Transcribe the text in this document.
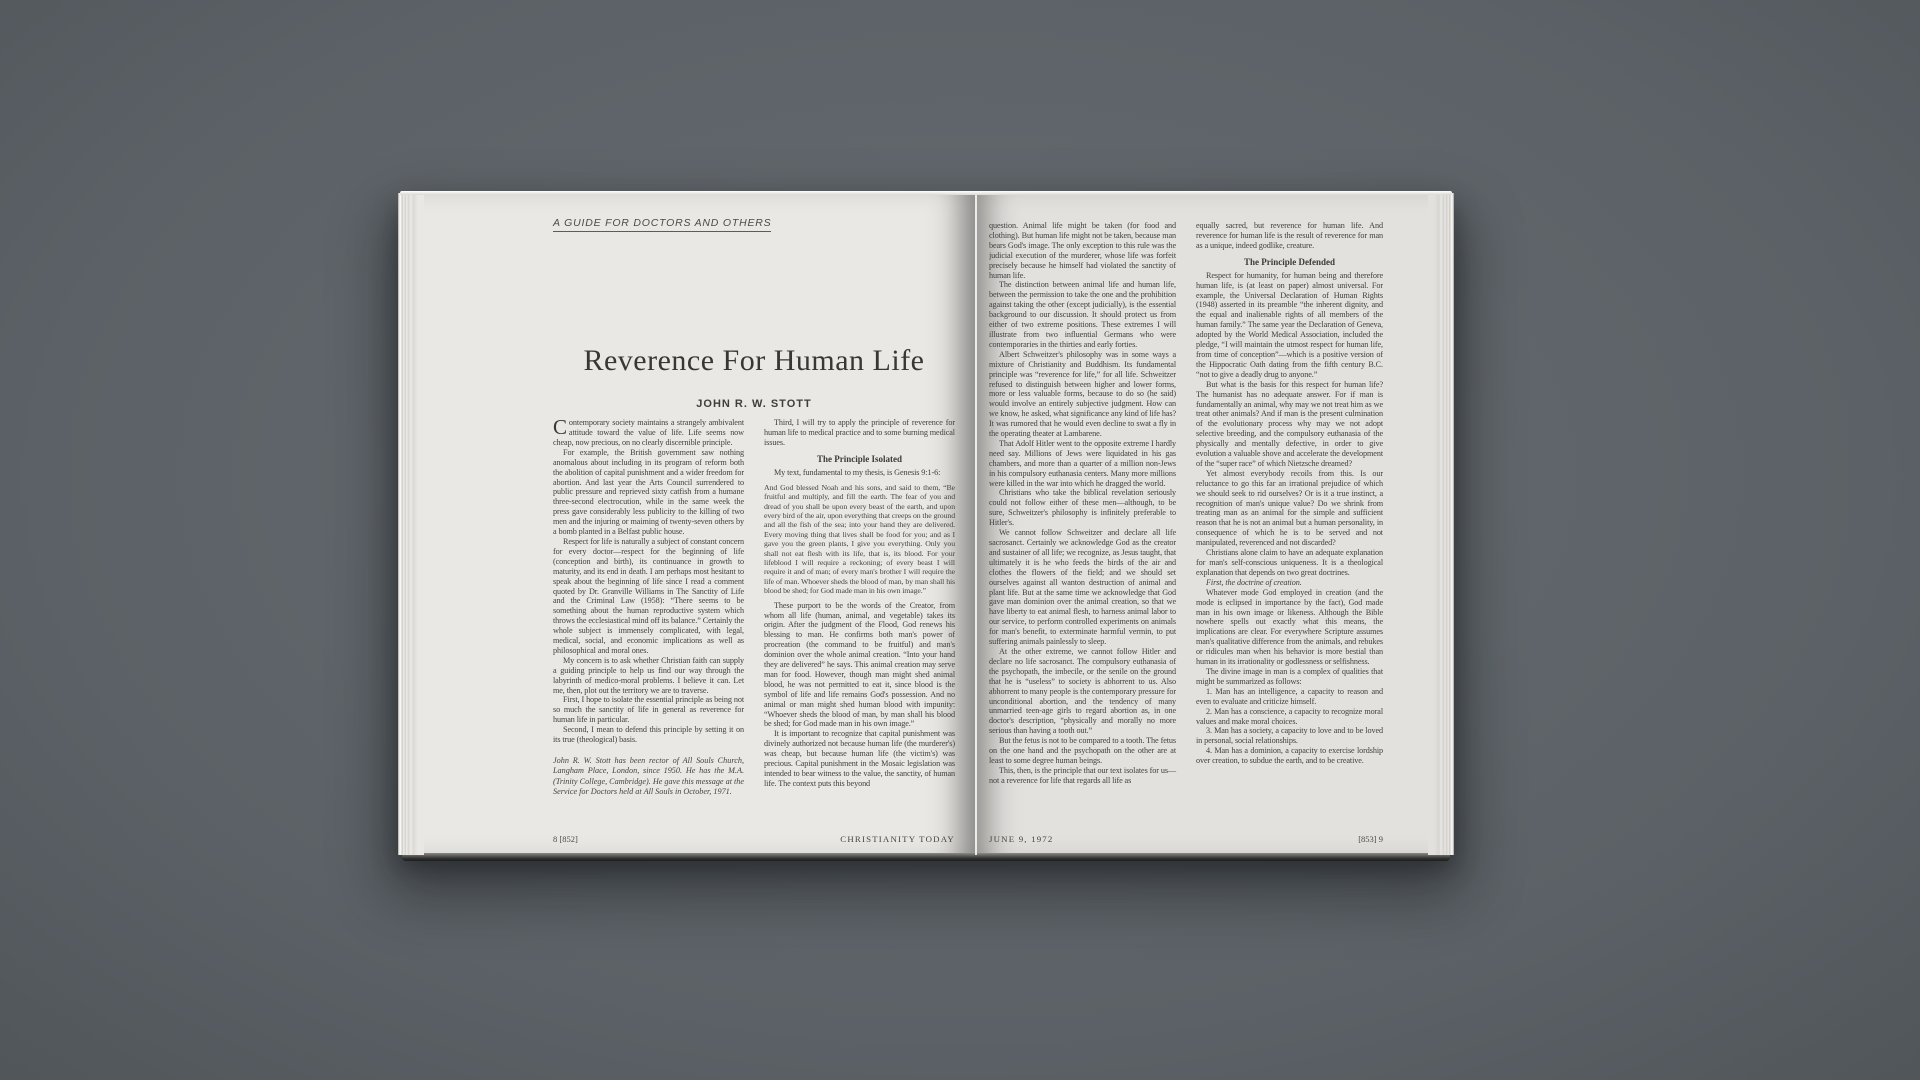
A GUIDE FOR DOCTORS AND OTHERS
Reverence For Human Life
JOHN R. W. STOTT

Contemporary society maintains a strangely ambivalent attitude toward the value of life. Life seems now cheap, now precious, on no clearly discernible principle.

For example, the British government saw nothing anomalous about including in its program of reform both the abolition of capital punishment and a wider freedom for abortion. And last year the Arts Council surrendered to public pressure and reprieved sixty catfish from a humane three-second electrocution, while in the same week the press gave considerably less publicity to the killing of two men and the injuring or maiming of twenty-seven others by a bomb planted in a Belfast public house.

Respect for life is naturally a subject of constant concern for every doctor—respect for the beginning of life (conception and birth), its continuance in growth to maturity, and its end in death. I am perhaps most hesitant to speak about the beginning of life since I read a comment quoted by Dr. Granville Williams in The Sanctity of Life and the Criminal Law (1958): “There seems to be something about the human reproductive system which throws the ecclesiastical mind off its balance.” Certainly the whole subject is immensely complicated, with legal, medical, social, and economic implications as well as philosophical and moral ones.

My concern is to ask whether Christian faith can supply a guiding principle to help us find our way through the labyrinth of medico-moral problems. I believe it can. Let me, then, plot out the territory we are to traverse.

First, I hope to isolate the essential principle as being not so much the sanctity of life in general as reverence for human life in particular.

Second, I mean to defend this principle by setting it on its true (theological) basis.

John R. W. Stott has been rector of All Souls Church, Langham Place, London, since 1950. He has the M.A. (Trinity College, Cambridge). He gave this message at the Service for Doctors held at All Souls in October, 1971.

Third, I will try to apply the principle of reverence for human life to medical practice and to some burning medical issues.

The Principle Isolated

My text, fundamental to my thesis, is Genesis 9:1-6:

And God blessed Noah and his sons, and said to them, “Be fruitful and multiply, and fill the earth. The fear of you and dread of you shall be upon every beast of the earth, and upon every bird of the air, upon everything that creeps on the ground and all the fish of the sea; into your hand they are delivered. Every moving thing that lives shall be food for you; and as I gave you the green plants, I give you everything. Only you shall not eat flesh with its life, that is, its blood. For your lifeblood I will require a reckoning; of every beast I will require it and of man; of every man's brother I will require the life of man. Whoever sheds the blood of man, by man shall his blood be shed; for God made man in his own image.”

These purport to be the words of the Creator, from whom all life (human, animal, and vegetable) takes its origin. After the judgment of the Flood, God renews his blessing to man. He confirms both man's power of procreation (the command to be fruitful) and man's dominion over the whole animal creation. “Into your hand they are delivered” he says. This animal creation may serve man for food. However, though man might shed animal blood, he was not permitted to eat it, since blood is the symbol of life and life remains God's possession. And no animal or man might shed human blood with impunity: “Whoever sheds the blood of man, by man shall his blood be shed; for God made man in his own image.”

It is important to recognize that capital punishment was divinely authorized not because human life (the murderer's) was cheap, but because human life (the victim's) was precious. Capital punishment in the Mosaic legislation was intended to bear witness to the value, the sanctity, of human life. The context puts this beyond

8 [852]	CHRISTIANITY TODAY

question. Animal life might be taken (for food and clothing). But human life might not be taken, because man bears God's image. The only exception to this rule was the judicial execution of the murderer, whose life was forfeit precisely because he himself had violated the sanctity of human life.

The distinction between animal life and human life, between the permission to take the one and the prohibition against taking the other (except judicially), is the essential background to our discussion. It should protect us from either of two extreme positions. These extremes I will illustrate from two influential Germans who were contemporaries in the thirties and early forties.

Albert Schweitzer's philosophy was in some ways a mixture of Christianity and Buddhism. Its fundamental principle was “reverence for life,” for all life. Schweitzer refused to distinguish between higher and lower forms, more or less valuable forms, because to do so (he said) would involve an entirely subjective judgment. How can we know, he asked, what significance any kind of life has? It was rumored that he would even decline to swat a fly in the operating theater at Lambarene.

That Adolf Hitler went to the opposite extreme I hardly need say. Millions of Jews were liquidated in his gas chambers, and more than a quarter of a million non-Jews in his compulsory euthanasia centers. Many more millions were killed in the war into which he dragged the world.

Christians who take the biblical revelation seriously could not follow either of these men—although, to be sure, Schweitzer's philosophy is infinitely preferable to Hitler's.

We cannot follow Schweitzer and declare all life sacrosanct. Certainly we acknowledge God as the creator and sustainer of all life; we recognize, as Jesus taught, that ultimately it is he who feeds the birds of the air and clothes the flowers of the field; and we should set ourselves against all wanton destruction of animal and plant life. But at the same time we acknowledge that God gave man dominion over the animal creation, so that we have liberty to eat animal flesh, to harness animal labor to our service, to perform controlled experiments on animals for man's benefit, to exterminate harmful vermin, to put suffering animals painlessly to sleep.

At the other extreme, we cannot follow Hitler and declare no life sacrosanct. The compulsory euthanasia of the psychopath, the imbecile, or the senile on the ground that he is “useless” to society is abhorrent to us. Also abhorrent to many people is the contemporary pressure for unconditional abortion, and the tendency of many unmarried teen-age girls to regard abortion as, in one doctor's description, “physically and morally no more serious than having a tooth out.”

But the fetus is not to be compared to a tooth. The fetus on the one hand and the psychopath on the other are at least to some degree human beings.

This, then, is the principle that our text isolates for us—not a reverence for life that regards all life as

equally sacred, but reverence for human life. And reverence for human life is the result of reverence for man as a unique, indeed godlike, creature.

The Principle Defended

Respect for humanity, for human being and therefore human life, is (at least on paper) almost universal. For example, the Universal Declaration of Human Rights (1948) asserted in its preamble “the inherent dignity, and the equal and inalienable rights of all members of the human family.” The same year the Declaration of Geneva, adopted by the World Medical Association, included the pledge, “I will maintain the utmost respect for human life, from time of conception”—which is a positive version of the Hippocratic Oath dating from the fifth century B.C. “not to give a deadly drug to anyone.”

But what is the basis for this respect for human life? The humanist has no adequate answer. For if man is fundamentally an animal, why may we not treat him as we treat other animals? And if man is the present culmination of the evolutionary process why may we not adopt selective breeding, and the compulsory euthanasia of the physically and mentally defective, in order to give evolution a valuable shove and accelerate the development of the “super race” of which Nietzsche dreamed?

Yet almost everybody recoils from this. Is our reluctance to go this far an irrational prejudice of which we should seek to rid ourselves? Or is it a true instinct, a recognition of man's unique value? Do we shrink from treating man as an animal for the simple and sufficient reason that he is not an animal but a human personality, in consequence of which he is to be served and not manipulated, reverenced and not discarded?

Christians alone claim to have an adequate explanation for man's self-conscious uniqueness. It is a theological explanation that depends on two great doctrines.

First, the doctrine of creation.

Whatever mode God employed in creation (and the mode is eclipsed in importance by the fact), God made man in his own image or likeness. Although the Bible nowhere spells out exactly what this means, the implications are clear. For everywhere Scripture assumes man's qualitative difference from the animals, and rebukes or ridicules man when his behavior is more bestial than human in its irrationality or godlessness or selfishness.

The divine image in man is a complex of qualities that might be summarized as follows:

1. Man has an intelligence, a capacity to reason and even to evaluate and criticize himself.

2. Man has a conscience, a capacity to recognize moral values and make moral choices.

3. Man has a society, a capacity to love and to be loved in personal, social relationships.

4. Man has a dominion, a capacity to exercise lordship over creation, to subdue the earth, and to be creative.

JUNE 9, 1972	[853] 9
